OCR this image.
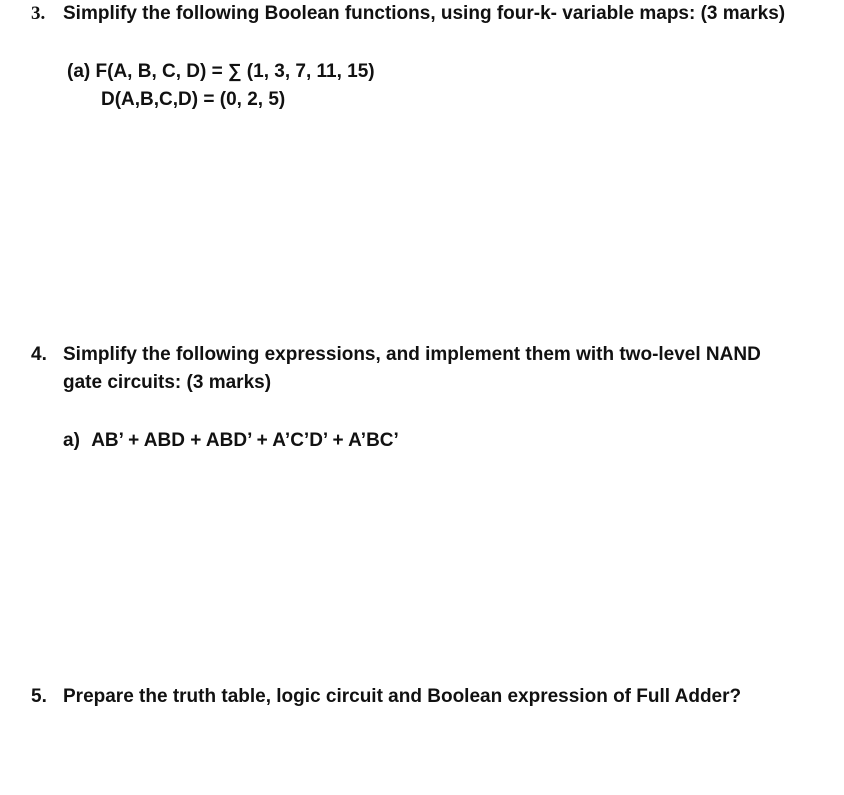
3. Simplify the following Boolean functions, using four-k- variable maps: (3 marks)
(a) F(A, B, C, D) = ∑ (1, 3, 7, 11, 15)
D(A,B,C,D) = (0, 2, 5)
4. Simplify the following expressions, and implement them with two-level NAND
gate circuits: (3 marks)
a) AB’ + ABD + ABD’ + A’C’D’ + A’BC’
5. Prepare the truth table, logic circuit and Boolean expression of Full Adder?
